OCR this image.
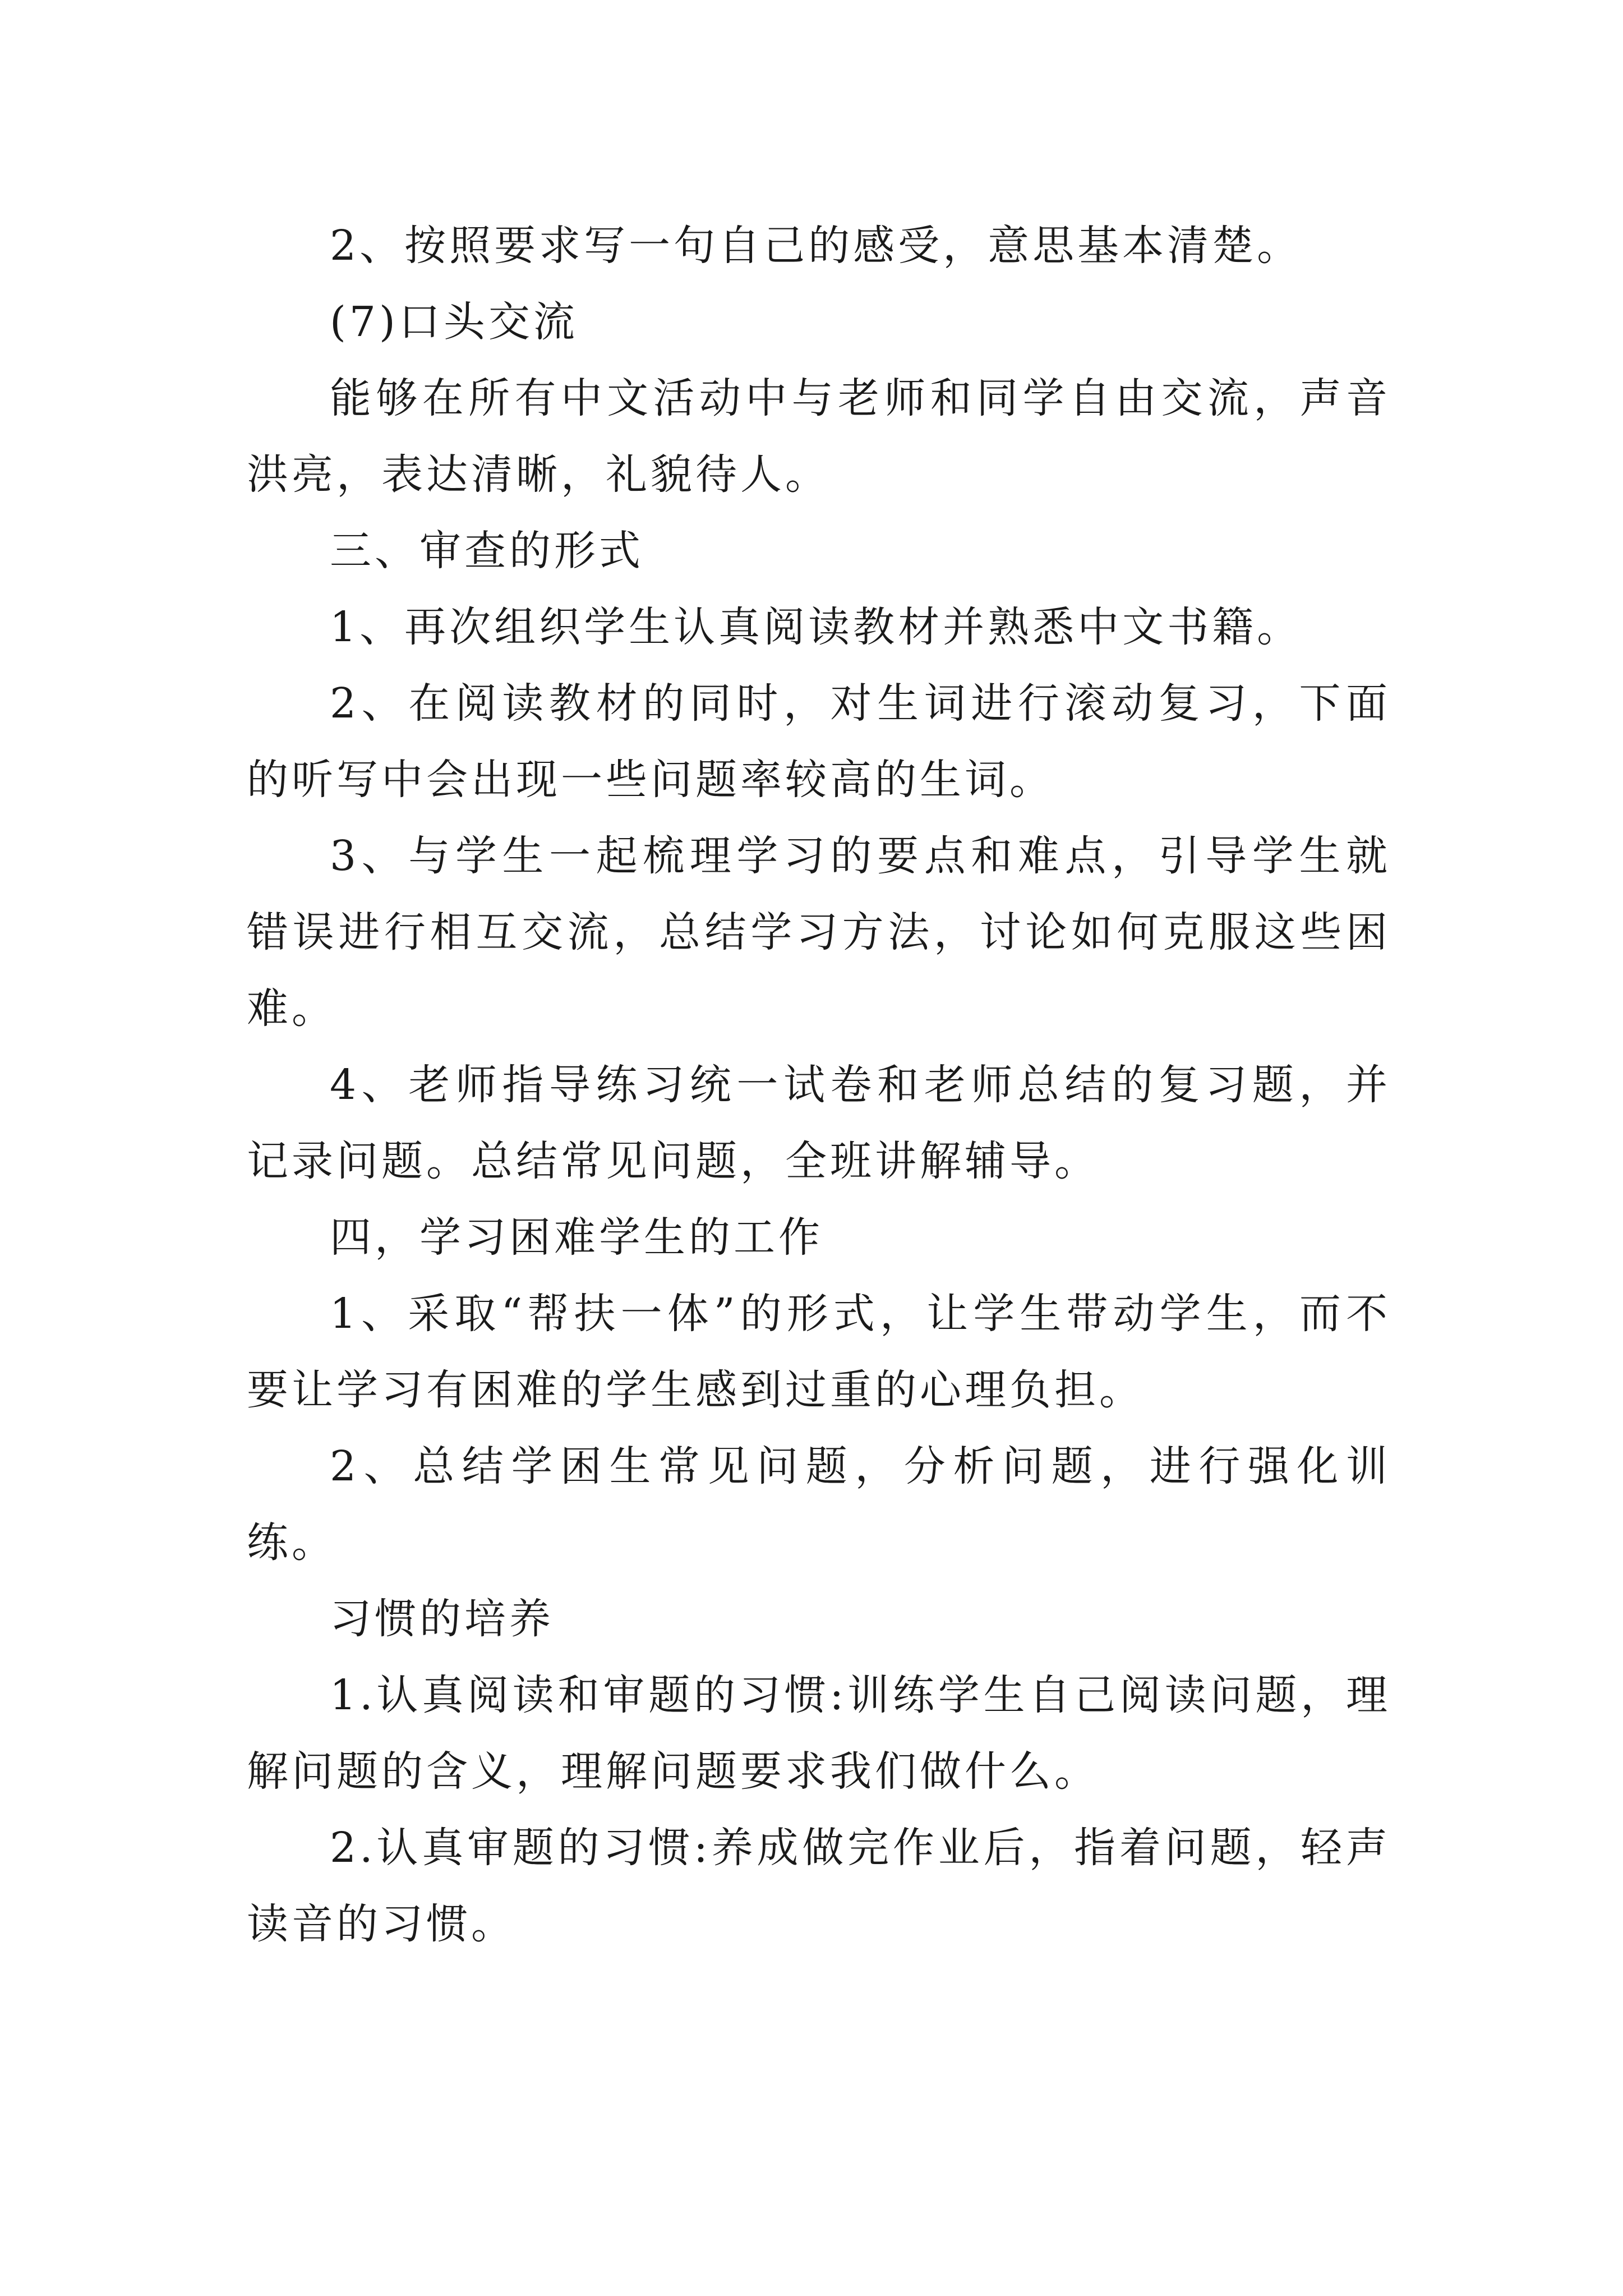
2、按照要求写一句自己的感受，意思基本清楚。

(7)口头交流

能够在所有中文活动中与老师和同学自由交流，声音洪亮，表达清晰，礼貌待人。

三、审查的形式

1、再次组织学生认真阅读教材并熟悉中文书籍。

2、在阅读教材的同时，对生词进行滚动复习，下面的听写中会出现一些问题率较高的生词。

3、与学生一起梳理学习的要点和难点，引导学生就错误进行相互交流，总结学习方法，讨论如何克服这些困难。

4、老师指导练习统一试卷和老师总结的复习题，并记录问题。总结常见问题，全班讲解辅导。

四，学习困难学生的工作

1、采取“帮扶一体”的形式，让学生带动学生，而不要让学习有困难的学生感到过重的心理负担。

2、总结学困生常见问题，分析问题，进行强化训练。

习惯的培养

1.认真阅读和审题的习惯:训练学生自己阅读问题，理解问题的含义，理解问题要求我们做什么。

2.认真审题的习惯:养成做完作业后，指着问题，轻声读音的习惯。
